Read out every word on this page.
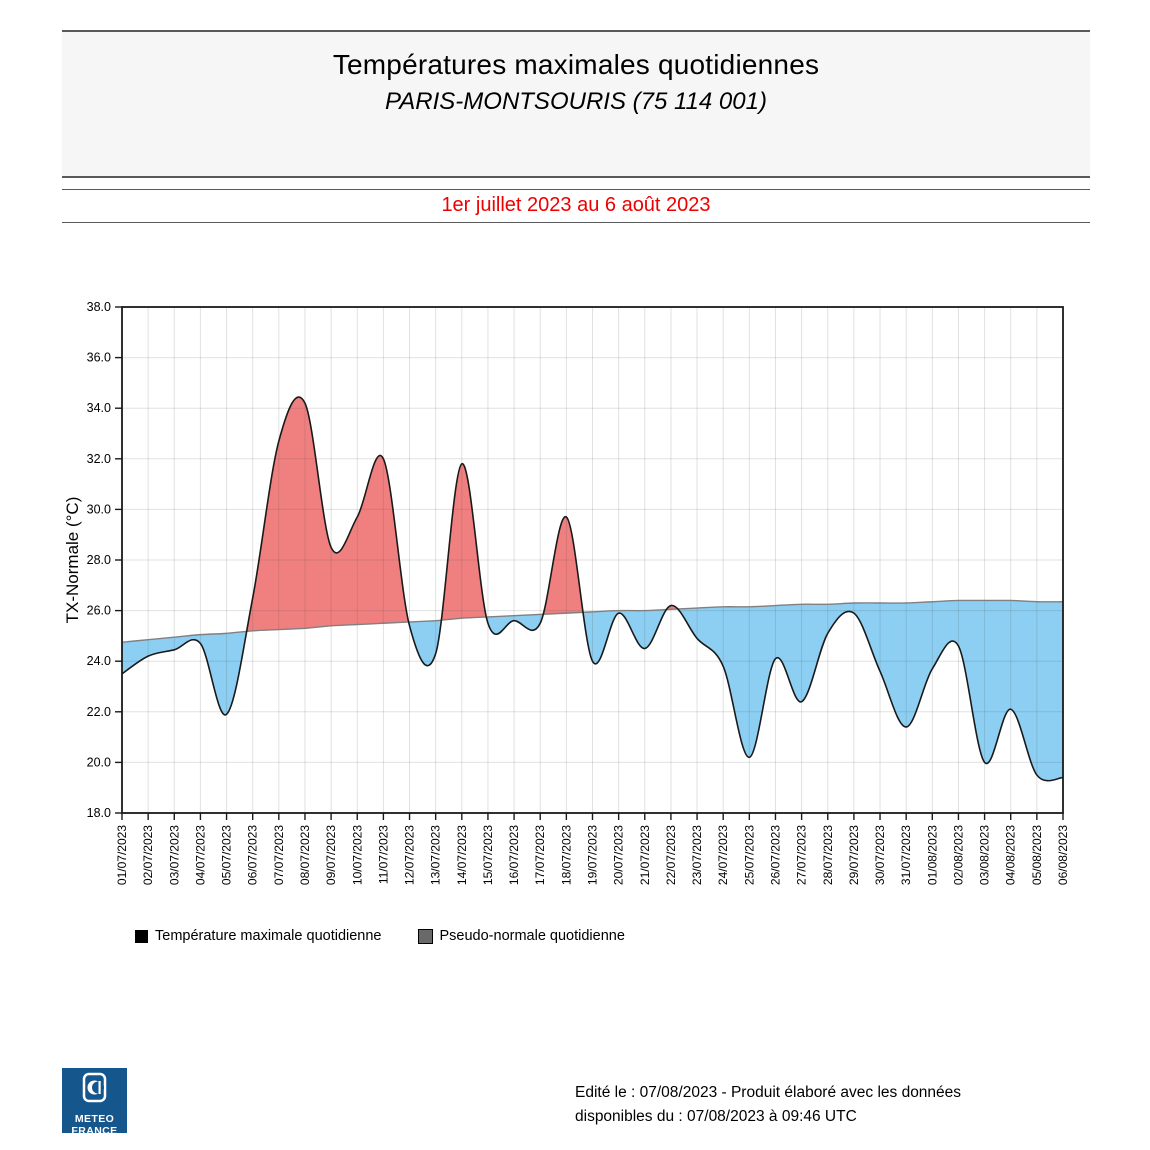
Températures maximales quotidiennes
PARIS-MONTSOURIS (75 114 001)
1er juillet 2023 au 6 août 2023
18.0
20.0
22.0
24.0
26.0
28.0
30.0
32.0
34.0
36.0
38.0
01/07/2023 02/07/2023 03/07/2023 04/07/2023 05/07/2023 06/07/2023 07/07/2023 08/07/2023 09/07/2023 10/07/2023 11/07/2023 12/07/2023 13/07/2023 14/07/2023 15/07/2023 16/07/2023 17/07/2023 18/07/2023 19/07/2023 20/07/2023 21/07/2023 22/07/2023 23/07/2023 24/07/2023 25/07/2023 26/07/2023 27/07/2023 28/07/2023 29/07/2023 30/07/2023 31/07/2023 01/08/2023 02/08/2023 03/08/2023 04/08/2023 05/08/2023 06/08/2023
TX-Normale (°C)
Température maximale quotidienne	Pseudo-normale quotidienne
METEO
FRANCE
Edité le : 07/08/2023 - Produit élaboré avec les données
disponibles du : 07/08/2023 à 09:46 UTC
